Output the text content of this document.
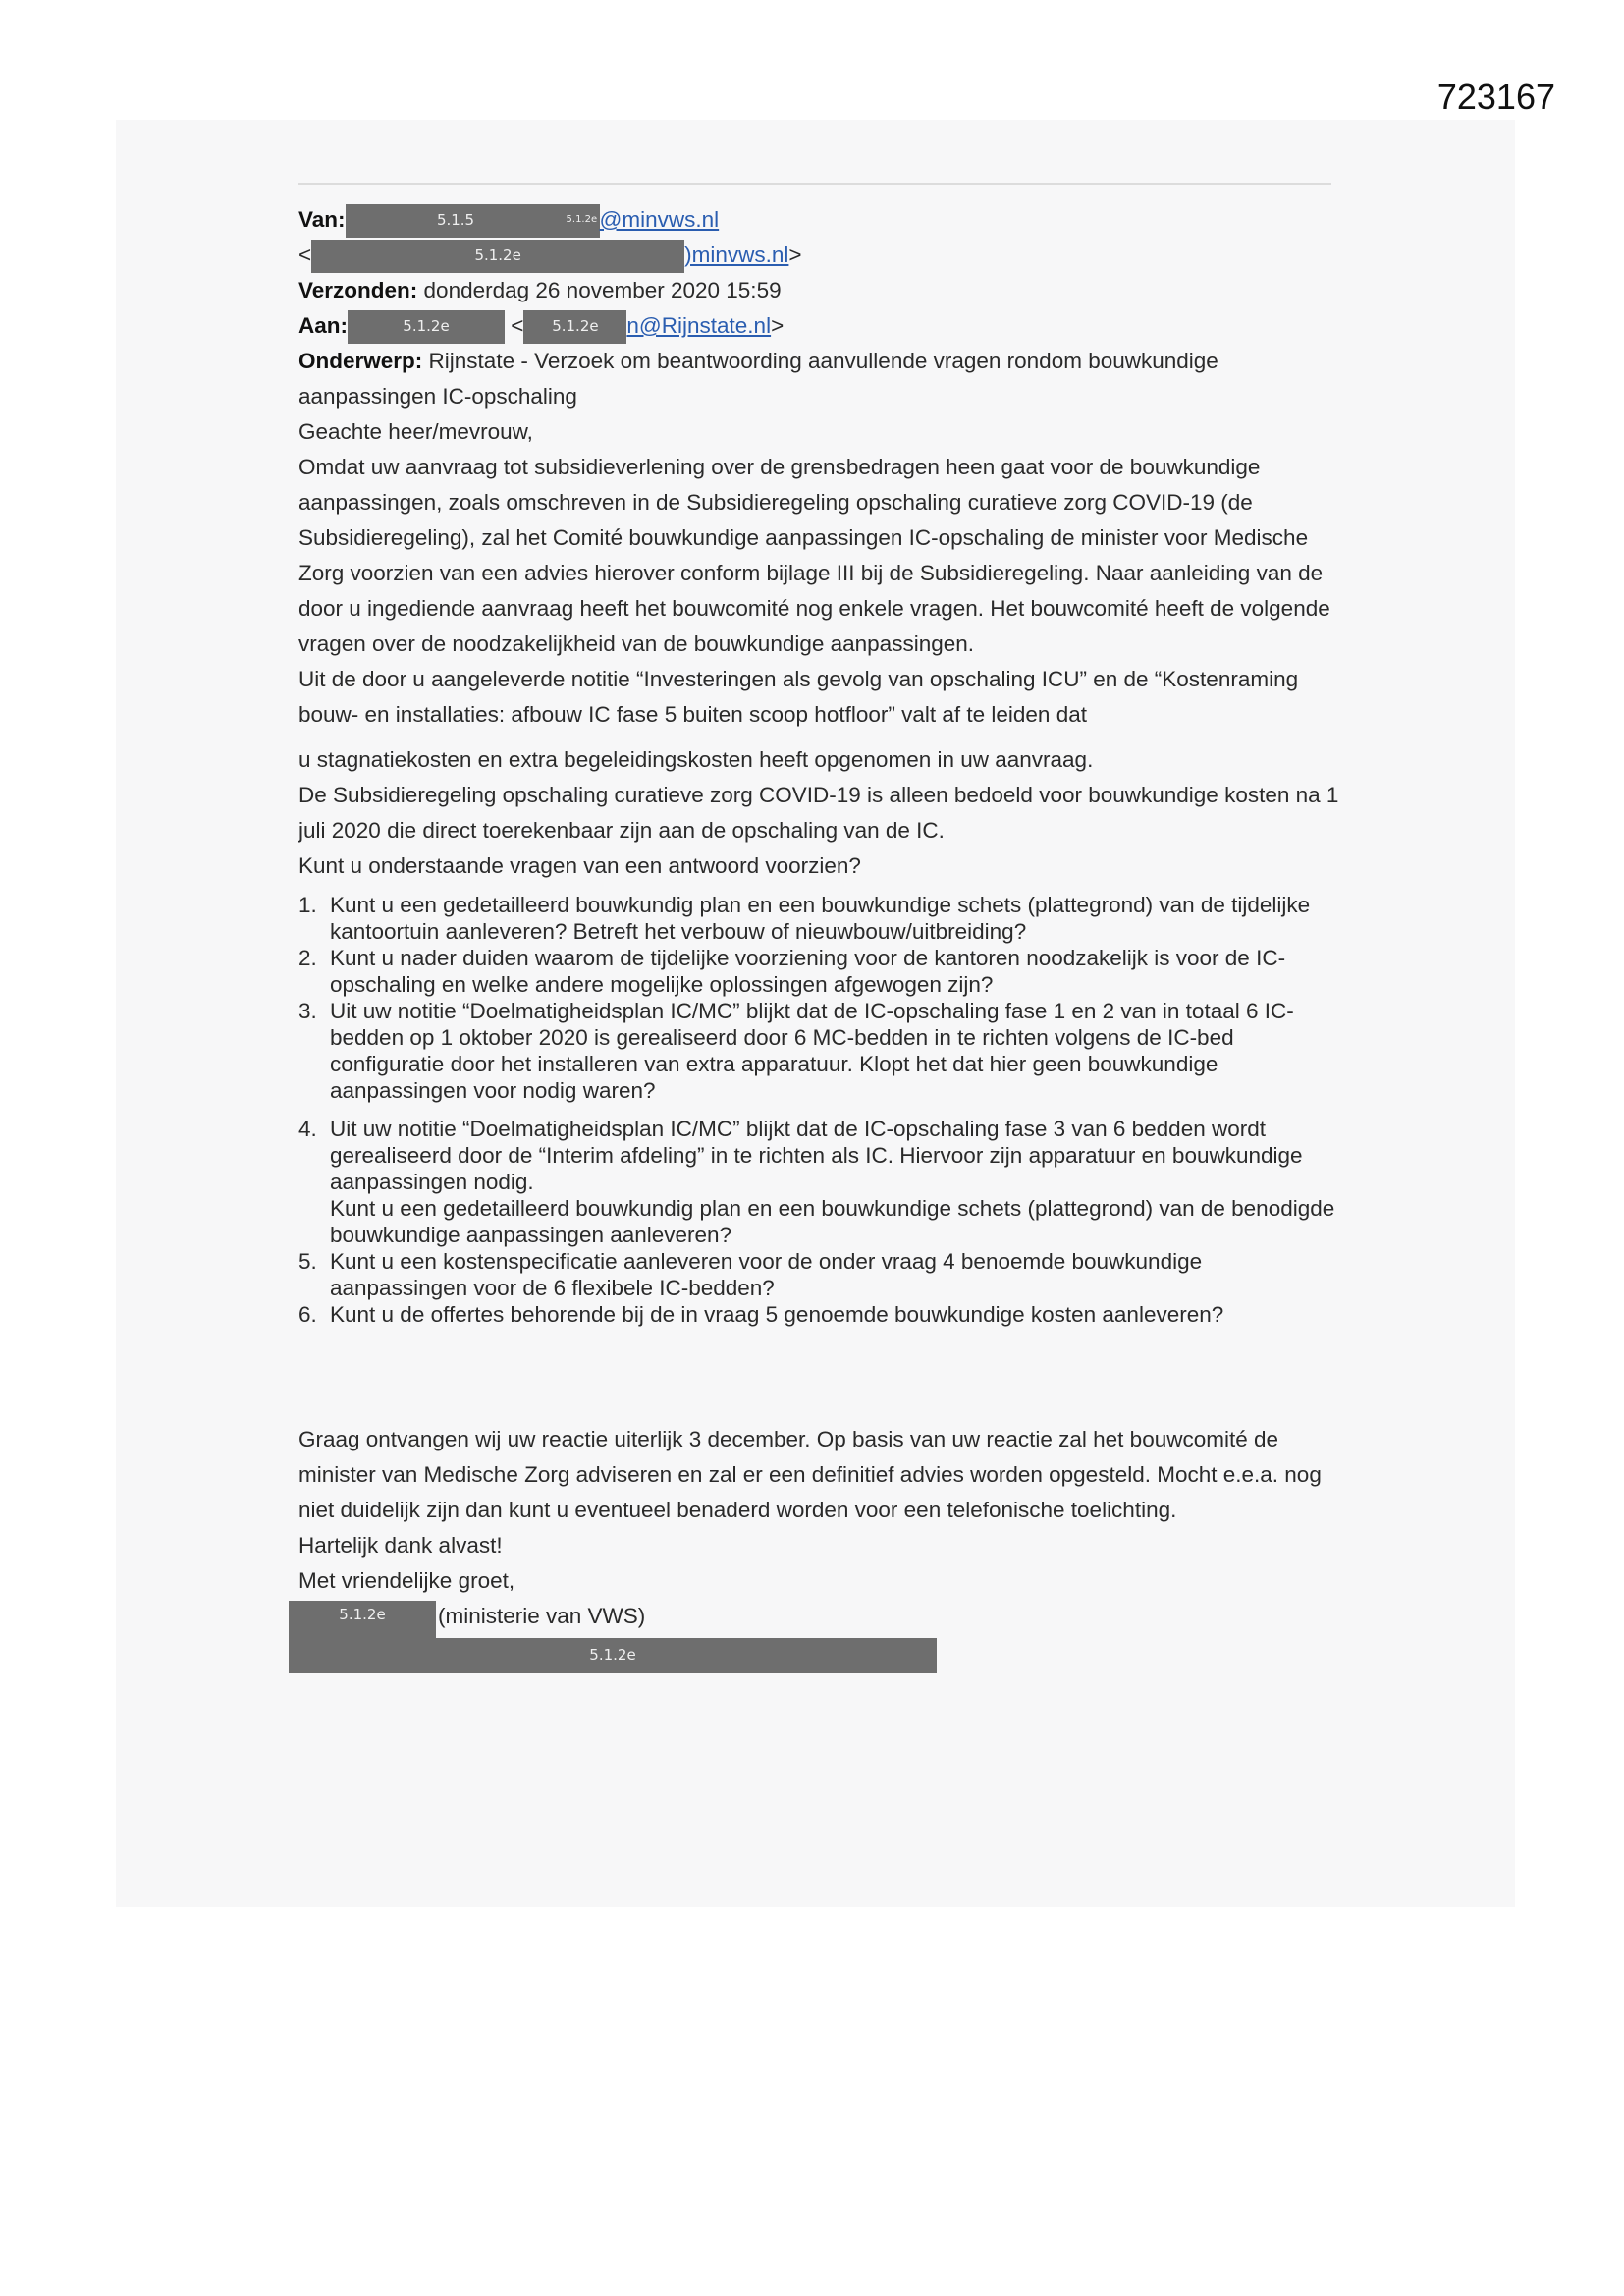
723167
Van:	5.1.5	5.1.2e @minvws.nl
<	5.1.2e	)minvws.nl>
Verzonden: donderdag 26 november 2020 15:59
Aan:	5.1.2e	< 5.1.2e n@Rijnstate.nl>

Onderwerp: Rijnstate - Verzoek om beantwoording aanvullende vragen rondom bouwkundige aanpassingen IC-opschaling

Geachte heer/mevrouw,

Omdat uw aanvraag tot subsidieverlening over de grensbedragen heen gaat voor de bouwkundige aanpassingen, zoals omschreven in de Subsidieregeling opschaling curatieve zorg COVID-19 (de Subsidieregeling), zal het Comité bouwkundige aanpassingen IC-opschaling de minister voor Medische Zorg voorzien van een advies hierover conform bijlage III bij de Subsidieregeling. Naar aanleiding van de door u ingediende aanvraag heeft het bouwcomité nog enkele vragen. Het bouwcomité heeft de volgende vragen over de noodzakelijkheid van de bouwkundige aanpassingen.

Uit de door u aangeleverde notitie “Investeringen als gevolg van opschaling ICU” en de “Kostenraming bouw- en installaties: afbouw IC fase 5 buiten scoop hotfloor” valt af te leiden dat

u stagnatiekosten en extra begeleidingskosten heeft opgenomen in uw aanvraag.

De Subsidieregeling opschaling curatieve zorg COVID-19 is alleen bedoeld voor bouwkundige kosten na 1 juli 2020 die direct toerekenbaar zijn aan de opschaling van de IC.

Kunt u onderstaande vragen van een antwoord voorzien?

1. Kunt u een gedetailleerd bouwkundig plan en een bouwkundige schets (plattegrond) van de tijdelijke kantoortuin aanleveren? Betreft het verbouw of nieuwbouw/uitbreiding?
2. Kunt u nader duiden waarom de tijdelijke voorziening voor de kantoren noodzakelijk is voor de IC-opschaling en welke andere mogelijke oplossingen afgewogen zijn?
3. Uit uw notitie “Doelmatigheidsplan IC/MC” blijkt dat de IC-opschaling fase 1 en 2 van in totaal 6 IC-bedden op 1 oktober 2020 is gerealiseerd door 6 MC-bedden in te richten volgens de IC-bed configuratie door het installeren van extra apparatuur. Klopt het dat hier geen bouwkundige aanpassingen voor nodig waren?
4. Uit uw notitie “Doelmatigheidsplan IC/MC” blijkt dat de IC-opschaling fase 3 van 6 bedden wordt gerealiseerd door de “Interim afdeling” in te richten als IC. Hiervoor zijn apparatuur en bouwkundige aanpassingen nodig.
Kunt u een gedetailleerd bouwkundig plan en een bouwkundige schets (plattegrond) van de benodigde bouwkundige aanpassingen aanleveren?
5. Kunt u een kostenspecificatie aanleveren voor de onder vraag 4 benoemde bouwkundige aanpassingen voor de 6 flexibele IC-bedden?
6. Kunt u de offertes behorende bij de in vraag 5 genoemde bouwkundige kosten aanleveren?

Graag ontvangen wij uw reactie uiterlijk 3 december. Op basis van uw reactie zal het bouwcomité de minister van Medische Zorg adviseren en zal er een definitief advies worden opgesteld. Mocht e.e.a. nog niet duidelijk zijn dan kunt u eventueel benaderd worden voor een telefonische toelichting.

Hartelijk dank alvast!

Met vriendelijke groet,

5.1.2e	(ministerie van VWS)
5.1.2e
